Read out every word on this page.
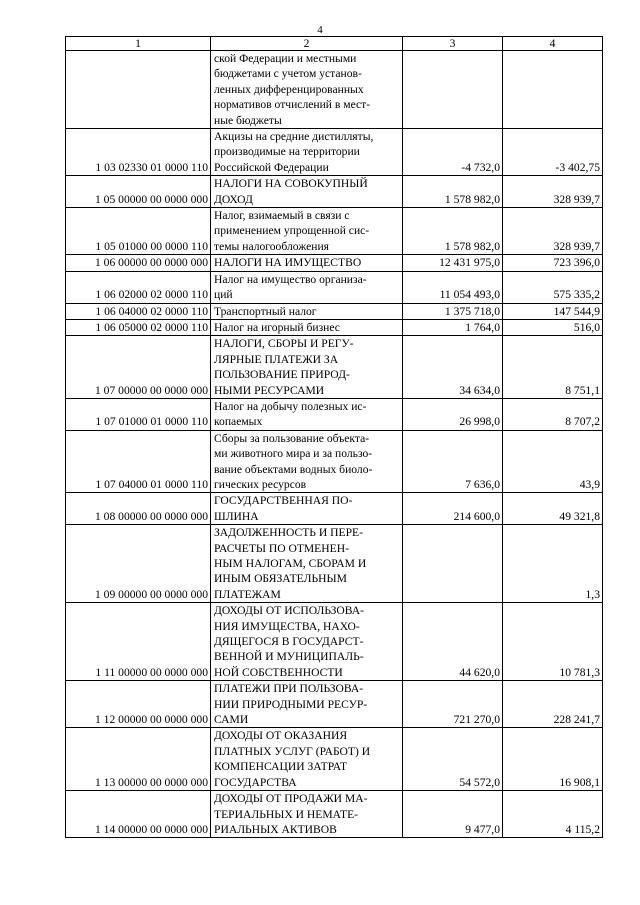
4
1	2	3	4

	ской Федерации и местными
бюджетами с учетом установ-
ленных дифференцированных
нормативов отчислений в мест-
ные бюджеты		

1 03 02330 01 0000 110	Акцизы на средние дистилляты,
производимые на территории
Российской Федерации	-4 732,0	-3 402,75
1 05 00000 00 0000 000	НАЛОГИ НА СОВОКУПНЫЙ
ДОХОД	1 578 982,0	328 939,7
1 05 01000 00 0000 110	Налог, взимаемый в связи с
применением упрощенной сис-
темы налогообложения	1 578 982,0	328 939,7
1 06 00000 00 0000 000	НАЛОГИ НА ИМУЩЕСТВО	12 431 975,0	723 396,0
1 06 02000 02 0000 110	Налог на имущество организа-
ций	11 054 493,0	575 335,2
1 06 04000 02 0000 110	Транспортный налог	1 375 718,0	147 544,9
1 06 05000 02 0000 110	Налог на игорный бизнес	1 764,0	516,0
1 07 00000 00 0000 000	НАЛОГИ, СБОРЫ И РЕГУ-
ЛЯРНЫЕ ПЛАТЕЖИ ЗА
ПОЛЬЗОВАНИЕ ПРИРОД-
НЫМИ РЕСУРСАМИ	34 634,0	8 751,1
1 07 01000 01 0000 110	Налог на добычу полезных ис-
копаемых	26 998,0	8 707,2
1 07 04000 01 0000 110	Сборы за пользование объекта-
ми животного мира и за пользо-
вание объектами водных биоло-
гических ресурсов	7 636,0	43,9
1 08 00000 00 0000 000	ГОСУДАРСТВЕННАЯ ПО-
ШЛИНА	214 600,0	49 321,8
1 09 00000 00 0000 000	ЗАДОЛЖЕННОСТЬ И ПЕРЕ-
РАСЧЕТЫ ПО ОТМЕНЕН-
НЫМ НАЛОГАМ, СБОРАМ И
ИНЫМ ОБЯЗАТЕЛЬНЫМ
ПЛАТЕЖАМ		1,3
1 11 00000 00 0000 000	ДОХОДЫ ОТ ИСПОЛЬЗОВА-
НИЯ ИМУЩЕСТВА, НАХО-
ДЯЩЕГОСЯ В ГОСУДАРСТ-
ВЕННОЙ И МУНИЦИПАЛЬ-
НОЙ СОБСТВЕННОСТИ	44 620,0	10 781,3
1 12 00000 00 0000 000	ПЛАТЕЖИ ПРИ ПОЛЬЗОВА-
НИИ ПРИРОДНЫМИ РЕСУР-
САМИ	721 270,0	228 241,7
1 13 00000 00 0000 000	ДОХОДЫ ОТ ОКАЗАНИЯ
ПЛАТНЫХ УСЛУГ (РАБОТ) И
КОМПЕНСАЦИИ ЗАТРАТ
ГОСУДАРСТВА	54 572,0	16 908,1
1 14 00000 00 0000 000	ДОХОДЫ ОТ ПРОДАЖИ МА-
ТЕРИАЛЬНЫХ И НЕМАТЕ-
РИАЛЬНЫХ АКТИВОВ	9 477,0	4 115,2
